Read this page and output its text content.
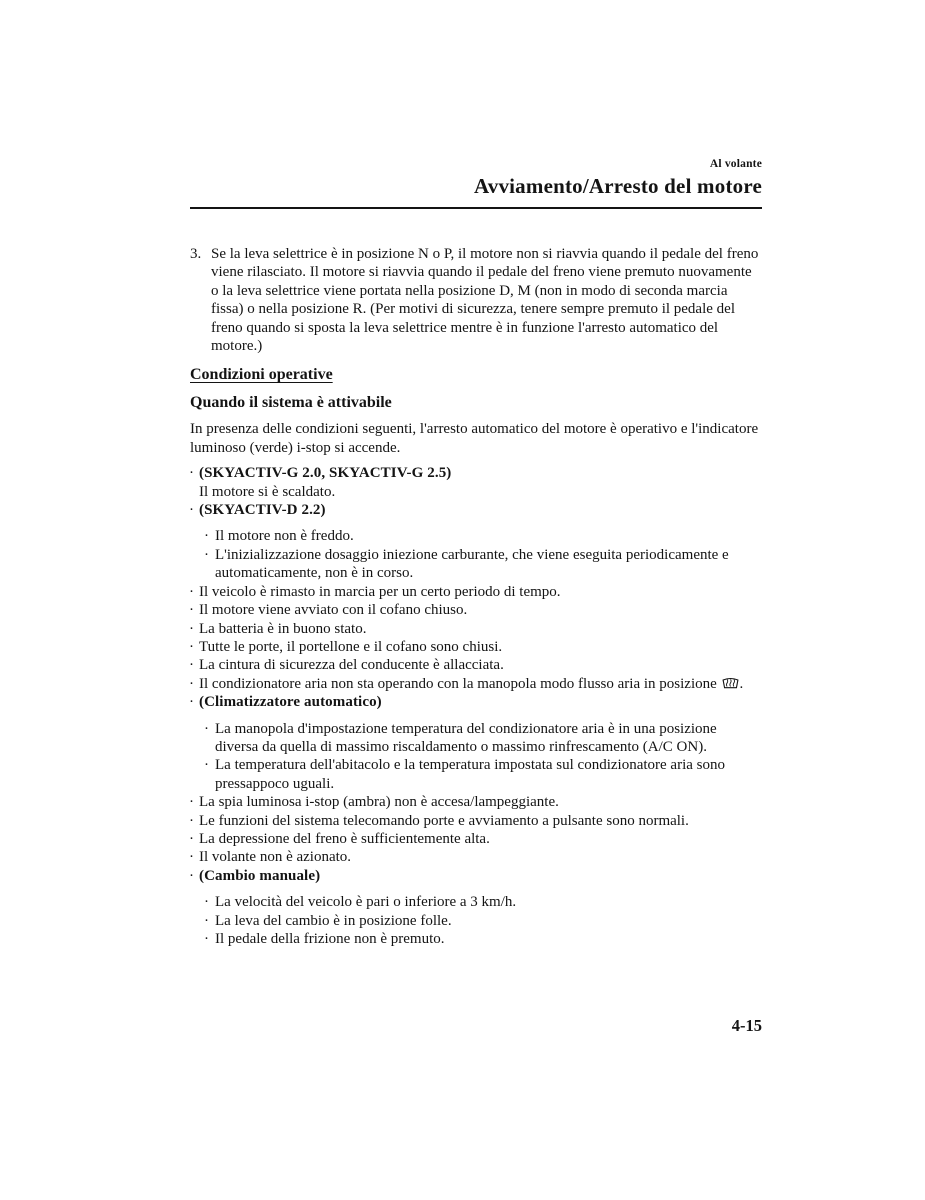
Al volante
Avviamento/Arresto del motore
3. Se la leva selettrice è in posizione N o P, il motore non si riavvia quando il pedale del freno viene rilasciato. Il motore si riavvia quando il pedale del freno viene premuto nuovamente o la leva selettrice viene portata nella posizione D, M (non in modo di seconda marcia fissa) o nella posizione R. (Per motivi di sicurezza, tenere sempre premuto il pedale del freno quando si sposta la leva selettrice mentre è in funzione l'arresto automatico del motore.)
Condizioni operative
Quando il sistema è attivabile
In presenza delle condizioni seguenti, l'arresto automatico del motore è operativo e l'indicatore luminoso (verde) i-stop si accende.
· (SKYACTIV-G 2.0, SKYACTIV-G 2.5)
Il motore si è scaldato.
· (SKYACTIV-D 2.2)
· Il motore non è freddo.
· L'inizializzazione dosaggio iniezione carburante, che viene eseguita periodicamente e automaticamente, non è in corso.
· Il veicolo è rimasto in marcia per un certo periodo di tempo.
· Il motore viene avviato con il cofano chiuso.
· La batteria è in buono stato.
· Tutte le porte, il portellone e il cofano sono chiusi.
· La cintura di sicurezza del conducente è allacciata.
· Il condizionatore aria non sta operando con la manopola modo flusso aria in posizione .
· (Climatizzatore automatico)
· La manopola d'impostazione temperatura del condizionatore aria è in una posizione diversa da quella di massimo riscaldamento o massimo rinfrescamento (A/C ON).
· La temperatura dell'abitacolo e la temperatura impostata sul condizionatore aria sono pressappoco uguali.
· La spia luminosa i-stop (ambra) non è accesa/lampeggiante.
· Le funzioni del sistema telecomando porte e avviamento a pulsante sono normali.
· La depressione del freno è sufficientemente alta.
· Il volante non è azionato.
· (Cambio manuale)
· La velocità del veicolo è pari o inferiore a 3 km/h.
· La leva del cambio è in posizione folle.
· Il pedale della frizione non è premuto.
4-15
